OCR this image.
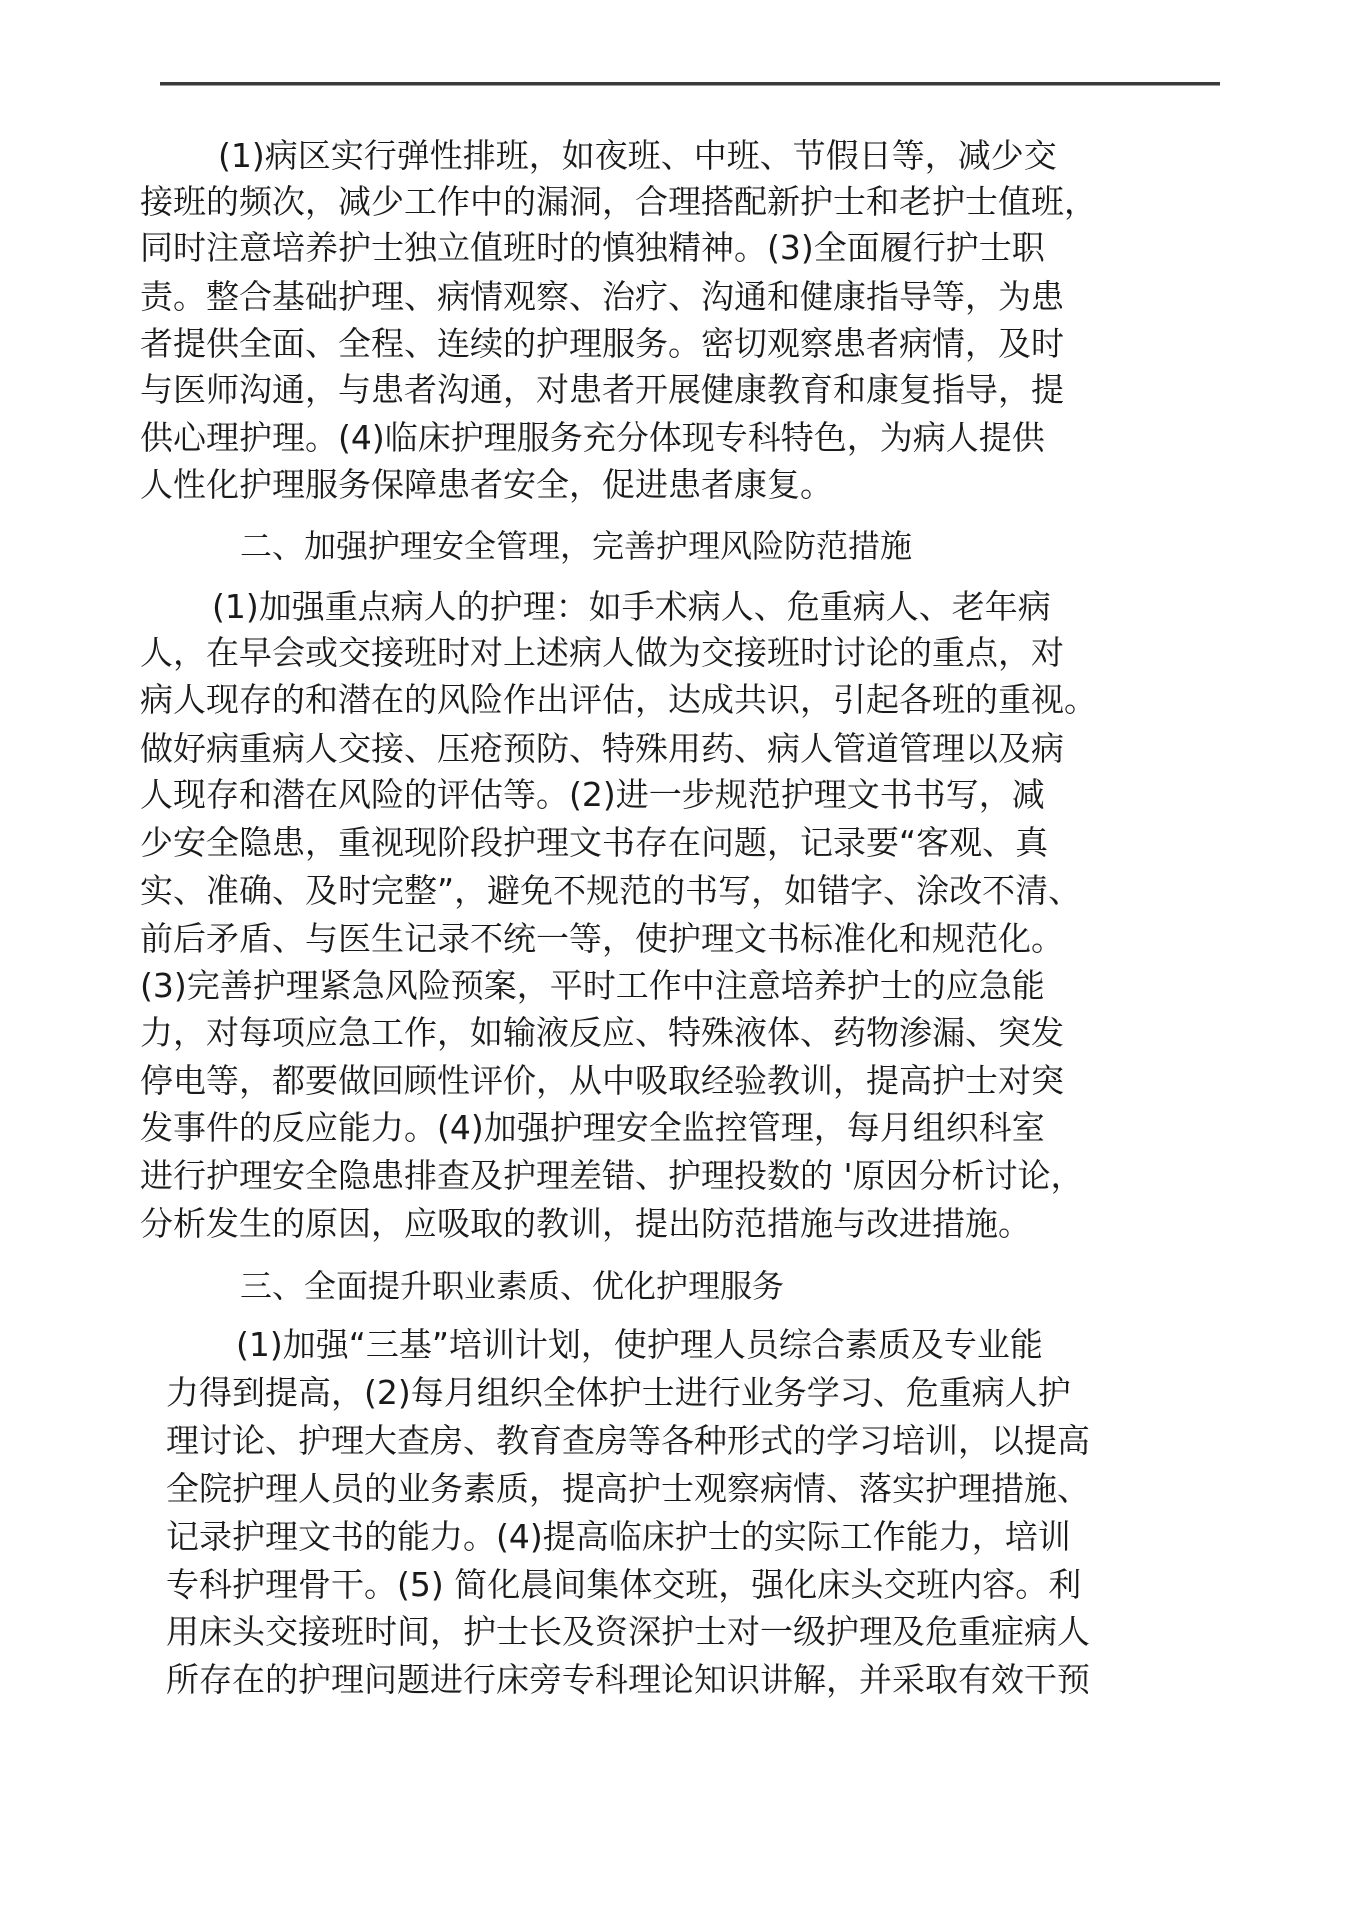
(1)病区实行弹性排班，如夜班、中班、节假日等，减少交
接班的频次，减少工作中的漏洞，合理搭配新护士和老护士值班，
同时注意培养护士独立值班时的慎独精神。(3)全面履行护士职
责。整合基础护理、病情观察、治疗、沟通和健康指导等，为患
者提供全面、全程、连续的护理服务。密切观察患者病情，及时
与医师沟通，与患者沟通，对患者开展健康教育和康复指导，提
供心理护理。(4)临床护理服务充分体现专科特色，为病人提供
人性化护理服务保障患者安全，促进患者康复。
二、加强护理安全管理，完善护理风险防范措施
(1)加强重点病人的护理：如手术病人、危重病人、老年病
人，在早会或交接班时对上述病人做为交接班时讨论的重点，对
病人现存的和潜在的风险作出评估，达成共识，引起各班的重视。
做好病重病人交接、压疮预防、特殊用药、病人管道管理以及病
人现存和潜在风险的评估等。(2)进一步规范护理文书书写，减
少安全隐患，重视现阶段护理文书存在问题，记录要“客观、真
实、准确、及时完整”，避免不规范的书写，如错字、涂改不清、
前后矛盾、与医生记录不统一等，使护理文书标准化和规范化。
(3)完善护理紧急风险预案，平时工作中注意培养护士的应急能
力，对每项应急工作，如输液反应、特殊液体、药物渗漏、突发
停电等，都要做回顾性评价，从中吸取经验教训，提高护士对突
发事件的反应能力。(4)加强护理安全监控管理，每月组织科室
进行护理安全隐患排查及护理差错、护理投数的 '原因分析讨论，
分析发生的原因，应吸取的教训，提出防范措施与改进措施。
三、全面提升职业素质、优化护理服务
(1)加强“三基”培训计划，使护理人员综合素质及专业能
力得到提高，(2)每月组织全体护士进行业务学习、危重病人护
理讨论、护理大查房、教育查房等各种形式的学习培训，以提高
全院护理人员的业务素质，提高护士观察病情、落实护理措施、
记录护理文书的能力。(4)提高临床护士的实际工作能力，培训
专科护理骨干。(5) 简化晨间集体交班，强化床头交班内容。利
用床头交接班时间，护士长及资深护士对一级护理及危重症病人
所存在的护理问题进行床旁专科理论知识讲解，并采取有效干预
